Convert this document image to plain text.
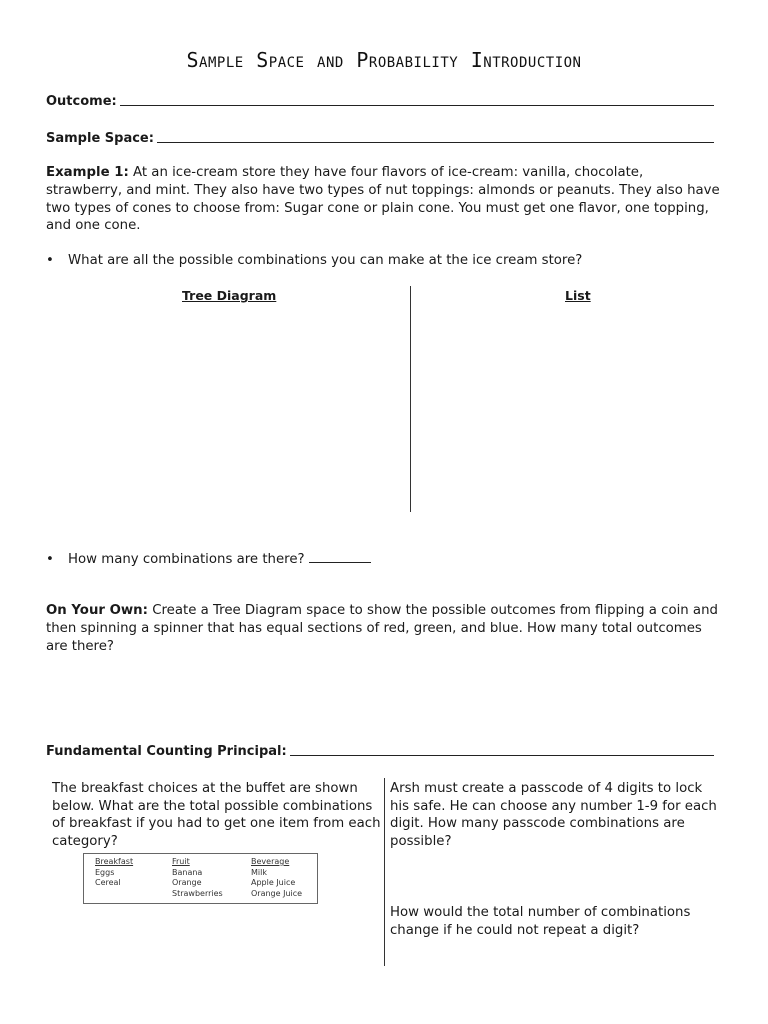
Sample Space and Probability Introduction
Outcome:
Sample Space:
Example 1: At an ice-cream store they have four flavors of ice-cream: vanilla, chocolate, strawberry, and mint. They also have two types of nut toppings: almonds or peanuts. They also have two types of cones to choose from: Sugar cone or plain cone. You must get one flavor, one topping, and one cone.
• What are all the possible combinations you can make at the ice cream store?
Tree Diagram	List
• How many combinations are there?
On Your Own: Create a Tree Diagram space to show the possible outcomes from flipping a coin and then spinning a spinner that has equal sections of red, green, and blue. How many total outcomes are there?
Fundamental Counting Principal:
The breakfast choices at the buffet are shown below. What are the total possible combinations of breakfast if you had to get one item from each category?
Breakfast	Fruit	Beverage
Eggs	Banana	Milk
Cereal	Orange	Apple Juice
	Strawberries	Orange Juice
Arsh must create a passcode of 4 digits to lock his safe. He can choose any number 1-9 for each digit. How many passcode combinations are possible?
How would the total number of combinations change if he could not repeat a digit?
